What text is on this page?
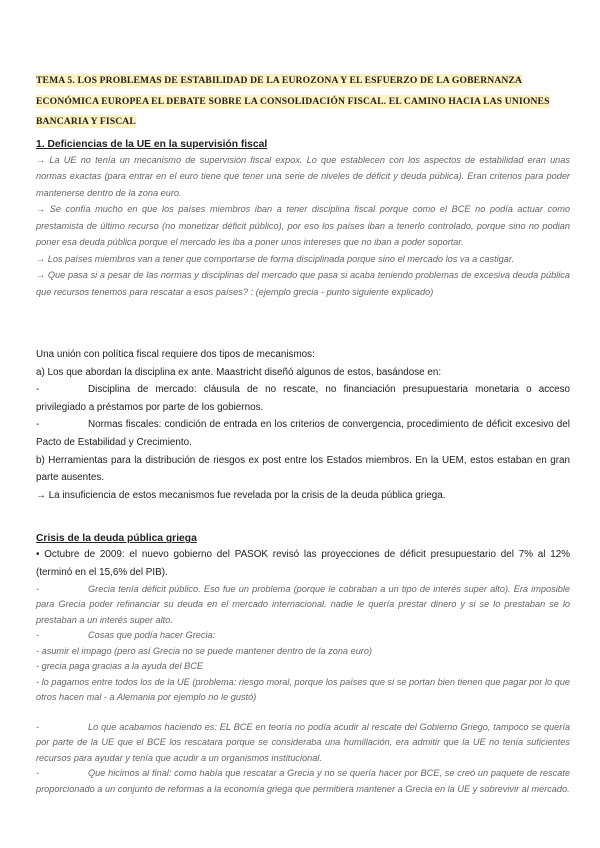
TEMA 5. LOS PROBLEMAS DE ESTABILIDAD DE LA EUROZONA Y EL ESFUERZO DE LA GOBERNANZA ECONÓMICA EUROPEA EL DEBATE SOBRE LA CONSOLIDACIÓN FISCAL. EL CAMINO HACIA LAS UNIONES BANCARIA Y FISCAL
1. Deficiencias de la UE en la supervisión fiscal

→ La UE no tenía un mecanismo de supervisión fiscal expox. Lo que establecen con los aspectos de estabilidad eran unas normas exactas (para entrar en el euro tiene que tener una serie de niveles de déficit y deuda pública). Eran criterios para poder mantenerse dentro de la zona euro.

→ Se confía mucho en que los países miembros iban a tener disciplina fiscal porque como el BCE no podía actuar como prestamista de último recurso (no monetizar déficit público), por eso los países iban a tenerlo controlado, porque sino no podian poner esa deuda pública porque el mercado les iba a poner unos intereses que no iban a poder soportar.

→ Los países miembros van a tener que comportarse de forma disciplinada porque sino el mercado los va a castigar.

→ Que pasa si a pesar de las normas y disciplinas del mercado que pasa si acaba teniendo problemas de excesiva deuda pública que recursos tenemos para rescatar a esos países? : (ejemplo grecia - punto siguiente explicado)

Una unión con política fiscal requiere dos tipos de mecanismos:

a) Los que abordan la disciplina ex ante. Maastricht diseñó algunos de estos, basándose en:

-	Disciplina de mercado: cláusula de no rescate, no financiación presupuestaria monetaria o acceso privilegiado a préstamos por parte de los gobiernos.

-	Normas fiscales: condición de entrada en los criterios de convergencia, procedimiento de déficit excesivo del Pacto de Estabilidad y Crecimiento.

b) Herramientas para la distribución de riesgos ex post entre los Estados miembros. En la UEM, estos estaban en gran parte ausentes.

→ La insuficiencia de estos mecanismos fue revelada por la crisis de la deuda pública griega.

Crisis de la deuda pública griega

• Octubre de 2009: el nuevo gobierno del PASOK revisó las proyecciones de déficit presupuestario del 7% al 12% (terminó en el 15,6% del PIB).

-	Grecia tenía déficit público. Eso fue un problema (porque le cobraban a un tipo de interés super alto). Era imposible para Grecia poder refinanciar su deuda en el mercado internacional. nadie le quería prestar dinero y si se lo prestaban se lo prestaban a un interés super alto.

-	Cosas que podía hacer Grecia:

- asumir el impago (pero así Grecia no se puede mantener dentro de la zona euro)

- grecia paga gracias a la ayuda del BCE

- lo pagamos entre todos los de la UE (problema: riesgo moral, porque los países que si se portan bien tienen que pagar por lo que otros hacen mal - a Alemania por ejemplo no le gustó)

-	Lo que acabamos haciendo es: EL BCE en teoría no podía acudir al rescate del Gobierno Griego, tampoco se quería por parte de la UE que el BCE los rescatara porque se consideraba una humillación, era admitir que la UE no tenía suficientes recursos para ayudar y tenía que acudir a un organismos institucional.

-	Que hicimos al final: como había que rescatar a Grecia y no se quería hacer por BCE, se creó un paquete de rescate proporcionado a un conjunto de reformas a la economía griega que permitiera mantener a Grecia en la UE y sobrevivir al mercado.
